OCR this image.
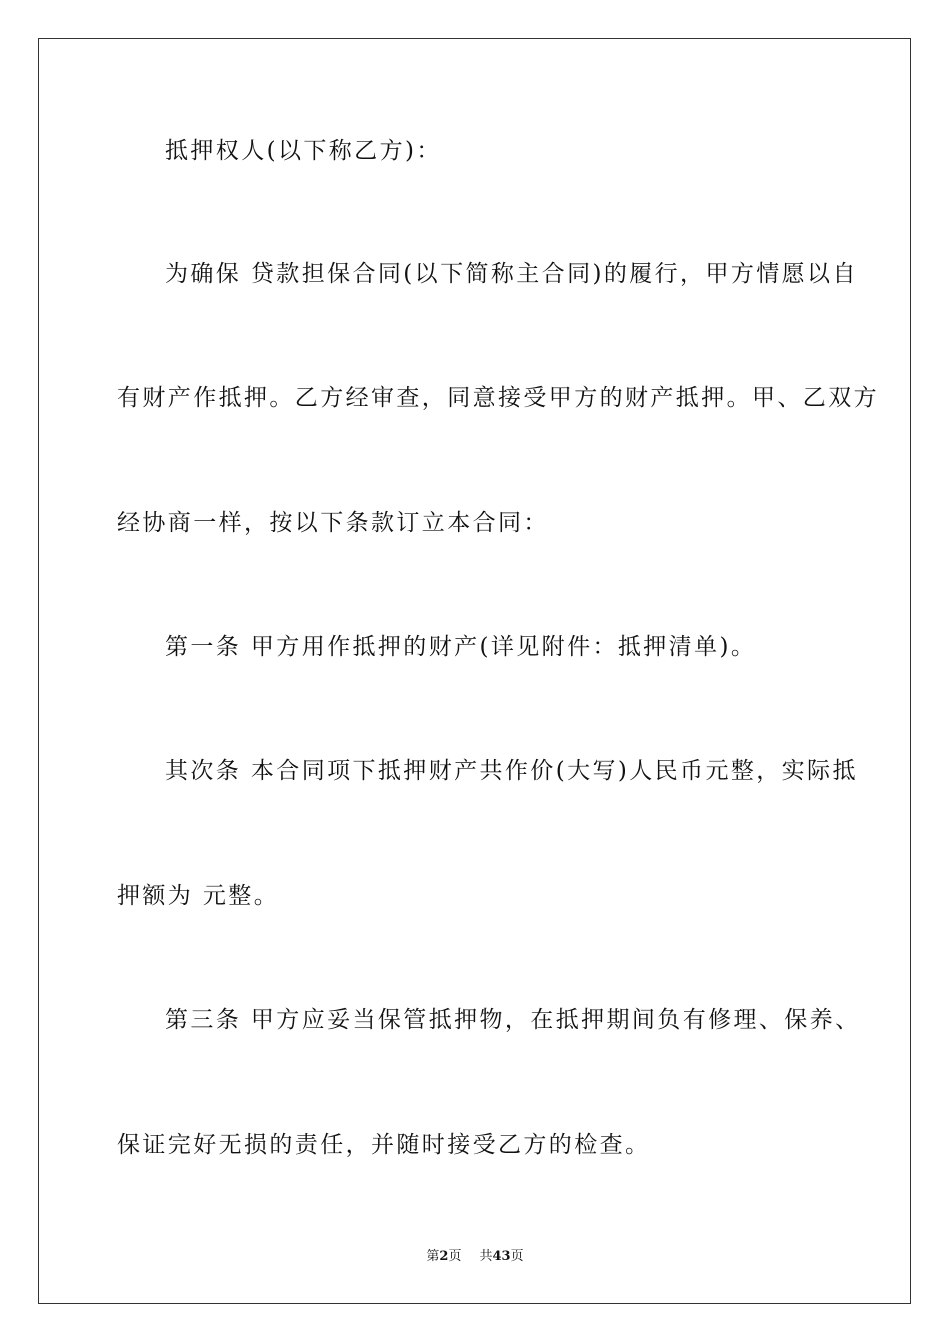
抵押权人(以下称乙方)：

为确保 贷款担保合同(以下简称主合同)的履行，甲方情愿以自

有财产作抵押。乙方经审查，同意接受甲方的财产抵押。甲、乙双方

经协商一样，按以下条款订立本合同：

第一条 甲方用作抵押的财产(详见附件：抵押清单)。

其次条 本合同项下抵押财产共作价(大写)人民币元整，实际抵

押额为 元整。

第三条 甲方应妥当保管抵押物，在抵押期间负有修理、保养、

保证完好无损的责任，并随时接受乙方的检查。

第2页 共43页
